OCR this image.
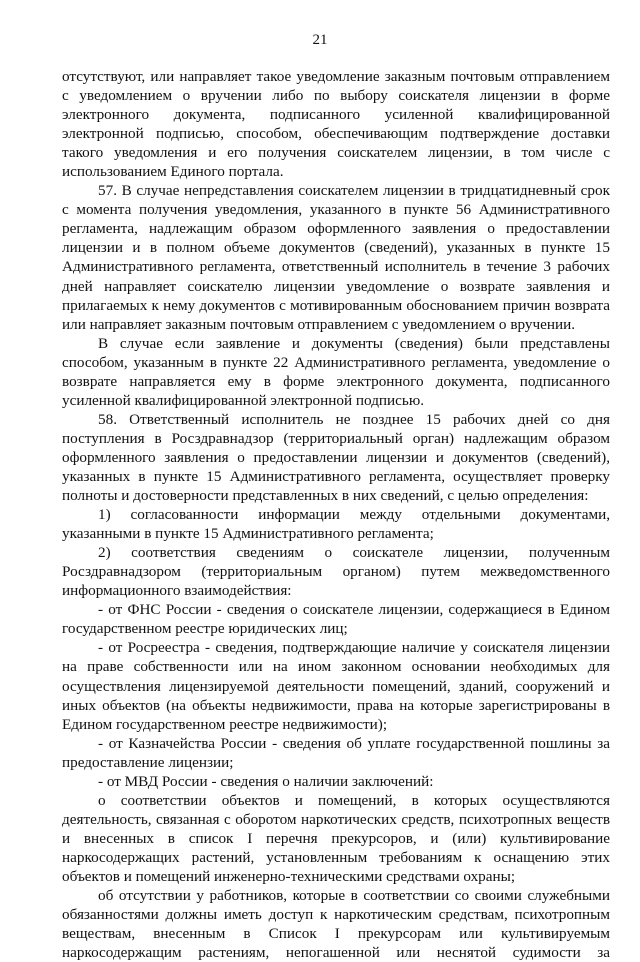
21

отсутствуют, или направляет такое уведомление заказным почтовым отправлением с уведомлением о вручении либо по выбору соискателя лицензии в форме электронного документа, подписанного усиленной квалифицированной электронной подписью, способом, обеспечивающим подтверждение доставки такого уведомления и его получения соискателем лицензии, в том числе с использованием Единого портала.

57. В случае непредставления соискателем лицензии в тридцатидневный срок с момента получения уведомления, указанного в пункте 56 Административного регламента, надлежащим образом оформленного заявления о предоставлении лицензии и в полном объеме документов (сведений), указанных в пункте 15 Административного регламента, ответственный исполнитель в течение 3 рабочих дней направляет соискателю лицензии уведомление о возврате заявления и прилагаемых к нему документов с мотивированным обоснованием причин возврата или направляет заказным почтовым отправлением с уведомлением о вручении.

В случае если заявление и документы (сведения) были представлены способом, указанным в пункте 22 Административного регламента, уведомление о возврате направляется ему в форме электронного документа, подписанного усиленной квалифицированной электронной подписью.

58. Ответственный исполнитель не позднее 15 рабочих дней со дня поступления в Росздравнадзор (территориальный орган) надлежащим образом оформленного заявления о предоставлении лицензии и документов (сведений), указанных в пункте 15 Административного регламента, осуществляет проверку полноты и достоверности представленных в них сведений, с целью определения:

1) согласованности информации между отдельными документами, указанными в пункте 15 Административного регламента;

2) соответствия сведениям о соискателе лицензии, полученным Росздравнадзором (территориальным органом) путем межведомственного информационного взаимодействия:

- от ФНС России - сведения о соискателе лицензии, содержащиеся в Едином государственном реестре юридических лиц;

- от Росреестра - сведения, подтверждающие наличие у соискателя лицензии на праве собственности или на ином законном основании необходимых для осуществления лицензируемой деятельности помещений, зданий, сооружений и иных объектов (на объекты недвижимости, права на которые зарегистрированы в Едином государственном реестре недвижимости);

- от Казначейства России - сведения об уплате государственной пошлины за предоставление лицензии;

- от МВД России - сведения о наличии заключений:

о соответствии объектов и помещений, в которых осуществляются деятельность, связанная с оборотом наркотических средств, психотропных веществ и внесенных в список I перечня прекурсоров, и (или) культивирование наркосодержащих растений, установленным требованиям к оснащению этих объектов и помещений инженерно-техническими средствами охраны;

об отсутствии у работников, которые в соответствии со своими служебными обязанностями должны иметь доступ к наркотическим средствам, психотропным веществам, внесенным в Список I прекурсорам или культивируемым наркосодержащим растениям, непогашенной или неснятой судимости за
